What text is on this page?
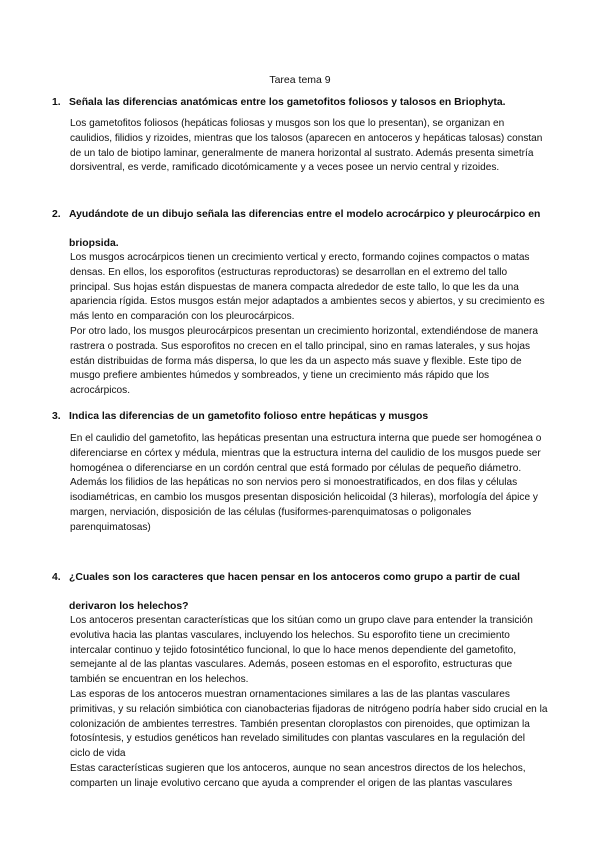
Tarea tema 9
1. Señala las diferencias anatómicas entre los gametofitos foliosos y talosos en Briophyta.

Los gametofitos foliosos (hepáticas foliosas y musgos son los que lo presentan), se organizan en caulidios, filidios y rizoides, mientras que los talosos (aparecen en antoceros y hepáticas talosas) constan de un talo de biotipo laminar, generalmente de manera horizontal al sustrato. Además presenta simetría dorsiventral, es verde, ramificado dicotómicamente y a veces posee un nervio central y rizoides.

2. Ayudándote de un dibujo señala las diferencias entre el modelo acrocárpico y pleurocárpico en briopsida.

Los musgos acrocárpicos tienen un crecimiento vertical y erecto, formando cojines compactos o matas densas. En ellos, los esporofitos (estructuras reproductoras) se desarrollan en el extremo del tallo principal. Sus hojas están dispuestas de manera compacta alrededor de este tallo, lo que les da una apariencia rígida. Estos musgos están mejor adaptados a ambientes secos y abiertos, y su crecimiento es más lento en comparación con los pleurocárpicos.

Por otro lado, los musgos pleurocárpicos presentan un crecimiento horizontal, extendiéndose de manera rastrera o postrada. Sus esporofitos no crecen en el tallo principal, sino en ramas laterales, y sus hojas están distribuidas de forma más dispersa, lo que les da un aspecto más suave y flexible. Este tipo de musgo prefiere ambientes húmedos y sombreados, y tiene un crecimiento más rápido que los acrocárpicos.

3. Indica las diferencias de un gametofito folioso entre hepáticas y musgos

En el caulidio del gametofito, las hepáticas presentan una estructura interna que puede ser homogénea o diferenciarse en córtex y médula, mientras que la estructura interna del caulidio de los musgos puede ser homogénea o diferenciarse en un cordón central que está formado por células de pequeño diámetro.

Además los filidios de las hepáticas no son nervios pero si monoestratificados, en dos filas y células isodiamétricas, en cambio los musgos presentan disposición helicoidal (3 hileras), morfología del ápice y margen, nerviación, disposición de las células (fusiformes-parenquimatosas o poligonales parenquimatosas)

4. ¿Cuales son los caracteres que hacen pensar en los antoceros como grupo a partir de cual derivaron los helechos?

Los antoceros presentan características que los sitúan como un grupo clave para entender la transición evolutiva hacia las plantas vasculares, incluyendo los helechos. Su esporofito tiene un crecimiento intercalar continuo y tejido fotosintético funcional, lo que lo hace menos dependiente del gametofito, semejante al de las plantas vasculares. Además, poseen estomas en el esporofito, estructuras que también se encuentran en los helechos.

Las esporas de los antoceros muestran ornamentaciones similares a las de las plantas vasculares primitivas, y su relación simbiótica con cianobacterias fijadoras de nitrógeno podría haber sido crucial en la colonización de ambientes terrestres. También presentan cloroplastos con pirenoides, que optimizan la fotosíntesis, y estudios genéticos han revelado similitudes con plantas vasculares en la regulación del ciclo de vida

Estas características sugieren que los antoceros, aunque no sean ancestros directos de los helechos, comparten un linaje evolutivo cercano que ayuda a comprender el origen de las plantas vasculares
